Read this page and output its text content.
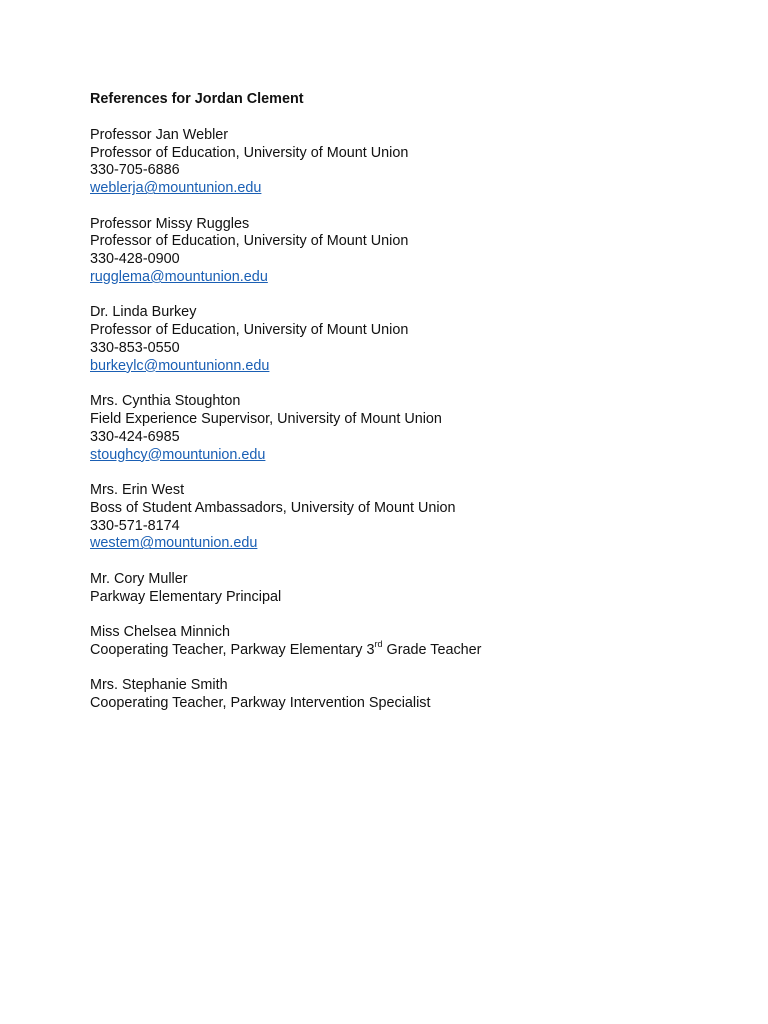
References for Jordan Clement
Professor Jan Webler
Professor of Education, University of Mount Union
330-705-6886
weblerja@mountunion.edu
Professor Missy Ruggles
Professor of Education, University of Mount Union
330-428-0900
rugglema@mountunion.edu
Dr. Linda Burkey
Professor of Education, University of Mount Union
330-853-0550
burkeylc@mountunionn.edu
Mrs. Cynthia Stoughton
Field Experience Supervisor, University of Mount Union
330-424-6985
stoughcy@mountunion.edu
Mrs. Erin West
Boss of Student Ambassadors, University of Mount Union
330-571-8174
westem@mountunion.edu
Mr. Cory Muller
Parkway Elementary Principal
Miss Chelsea Minnich
Cooperating Teacher, Parkway Elementary 3rd Grade Teacher
Mrs. Stephanie Smith
Cooperating Teacher, Parkway Intervention Specialist
